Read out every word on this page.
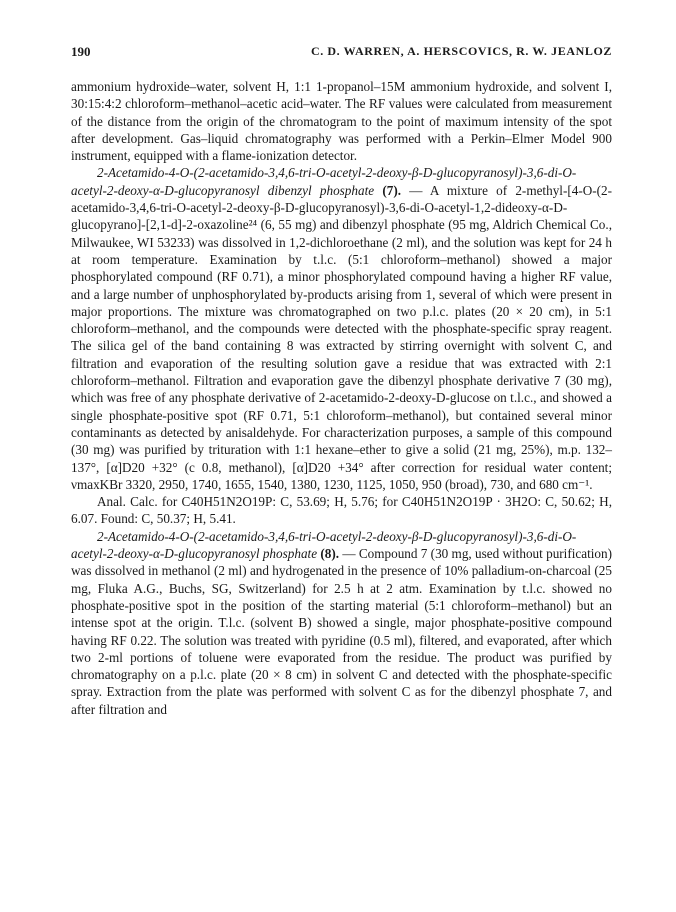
190	C. D. WARREN, A. HERSCOVICS, R. W. JEANLOZ

ammonium hydroxide–water, solvent H, 1:1 1-propanol–15M ammonium hydroxide, and solvent I, 30:15:4:2 chloroform–methanol–acetic acid–water. The RF values were calculated from measurement of the distance from the origin of the chromatogram to the point of maximum intensity of the spot after development. Gas–liquid chromatography was performed with a Perkin–Elmer Model 900 instrument, equipped with a flame-ionization detector.

2-Acetamido-4-O-(2-acetamido-3,4,6-tri-O-acetyl-2-deoxy-β-D-glucopyranosyl)-3,6-di-O-acetyl-2-deoxy-α-D-glucopyranosyl dibenzyl phosphate (7). — A mixture of 2-methyl-[4-O-(2-acetamido-3,4,6-tri-O-acetyl-2-deoxy-β-D-glucopyranosyl)-3,6-di-O-acetyl-1,2-dideoxy-α-D-glucopyrano]-[2,1-d]-2-oxazoline²⁴ (6, 55 mg) and dibenzyl phosphate (95 mg, Aldrich Chemical Co., Milwaukee, WI 53233) was dissolved in 1,2-dichloroethane (2 ml), and the solution was kept for 24 h at room temperature. Examination by t.l.c. (5:1 chloroform–methanol) showed a major phosphorylated compound (RF 0.71), a minor phosphorylated compound having a higher RF value, and a large number of unphosphorylated by-products arising from 1, several of which were present in major proportions. The mixture was chromatographed on two p.l.c. plates (20 × 20 cm), in 5:1 chloroform–methanol, and the compounds were detected with the phosphate-specific spray reagent. The silica gel of the band containing 8 was extracted by stirring overnight with solvent C, and filtration and evaporation of the resulting solution gave a residue that was extracted with 2:1 chloroform–methanol. Filtration and evaporation gave the dibenzyl phosphate derivative 7 (30 mg), which was free of any phosphate derivative of 2-acetamido-2-deoxy-D-glucose on t.l.c., and showed a single phosphate-positive spot (RF 0.71, 5:1 chloroform–methanol), but contained several minor contaminants as detected by anisaldehyde. For characterization purposes, a sample of this compound (30 mg) was purified by trituration with 1:1 hexane–ether to give a solid (21 mg, 25%), m.p. 132–137°, [α]D20 +32° (c 0.8, methanol), [α]D20 +34° after correction for residual water content; νmaxKBr 3320, 2950, 1740, 1655, 1540, 1380, 1230, 1125, 1050, 950 (broad), 730, and 680 cm⁻¹.

Anal. Calc. for C40H51N2O19P: C, 53.69; H, 5.76; for C40H51N2O19P · 3H2O: C, 50.62; H, 6.07. Found: C, 50.37; H, 5.41.

2-Acetamido-4-O-(2-acetamido-3,4,6-tri-O-acetyl-2-deoxy-β-D-glucopyranosyl)-3,6-di-O-acetyl-2-deoxy-α-D-glucopyranosyl phosphate (8). — Compound 7 (30 mg, used without purification) was dissolved in methanol (2 ml) and hydrogenated in the presence of 10% palladium-on-charcoal (25 mg, Fluka A.G., Buchs, SG, Switzerland) for 2.5 h at 2 atm. Examination by t.l.c. showed no phosphate-positive spot in the position of the starting material (5:1 chloroform–methanol) but an intense spot at the origin. T.l.c. (solvent B) showed a single, major phosphate-positive compound having RF 0.22. The solution was treated with pyridine (0.5 ml), filtered, and evaporated, after which two 2-ml portions of toluene were evaporated from the residue. The product was purified by chromatography on a p.l.c. plate (20 × 8 cm) in solvent C and detected with the phosphate-specific spray. Extraction from the plate was performed with solvent C as for the dibenzyl phosphate 7, and after filtration and
